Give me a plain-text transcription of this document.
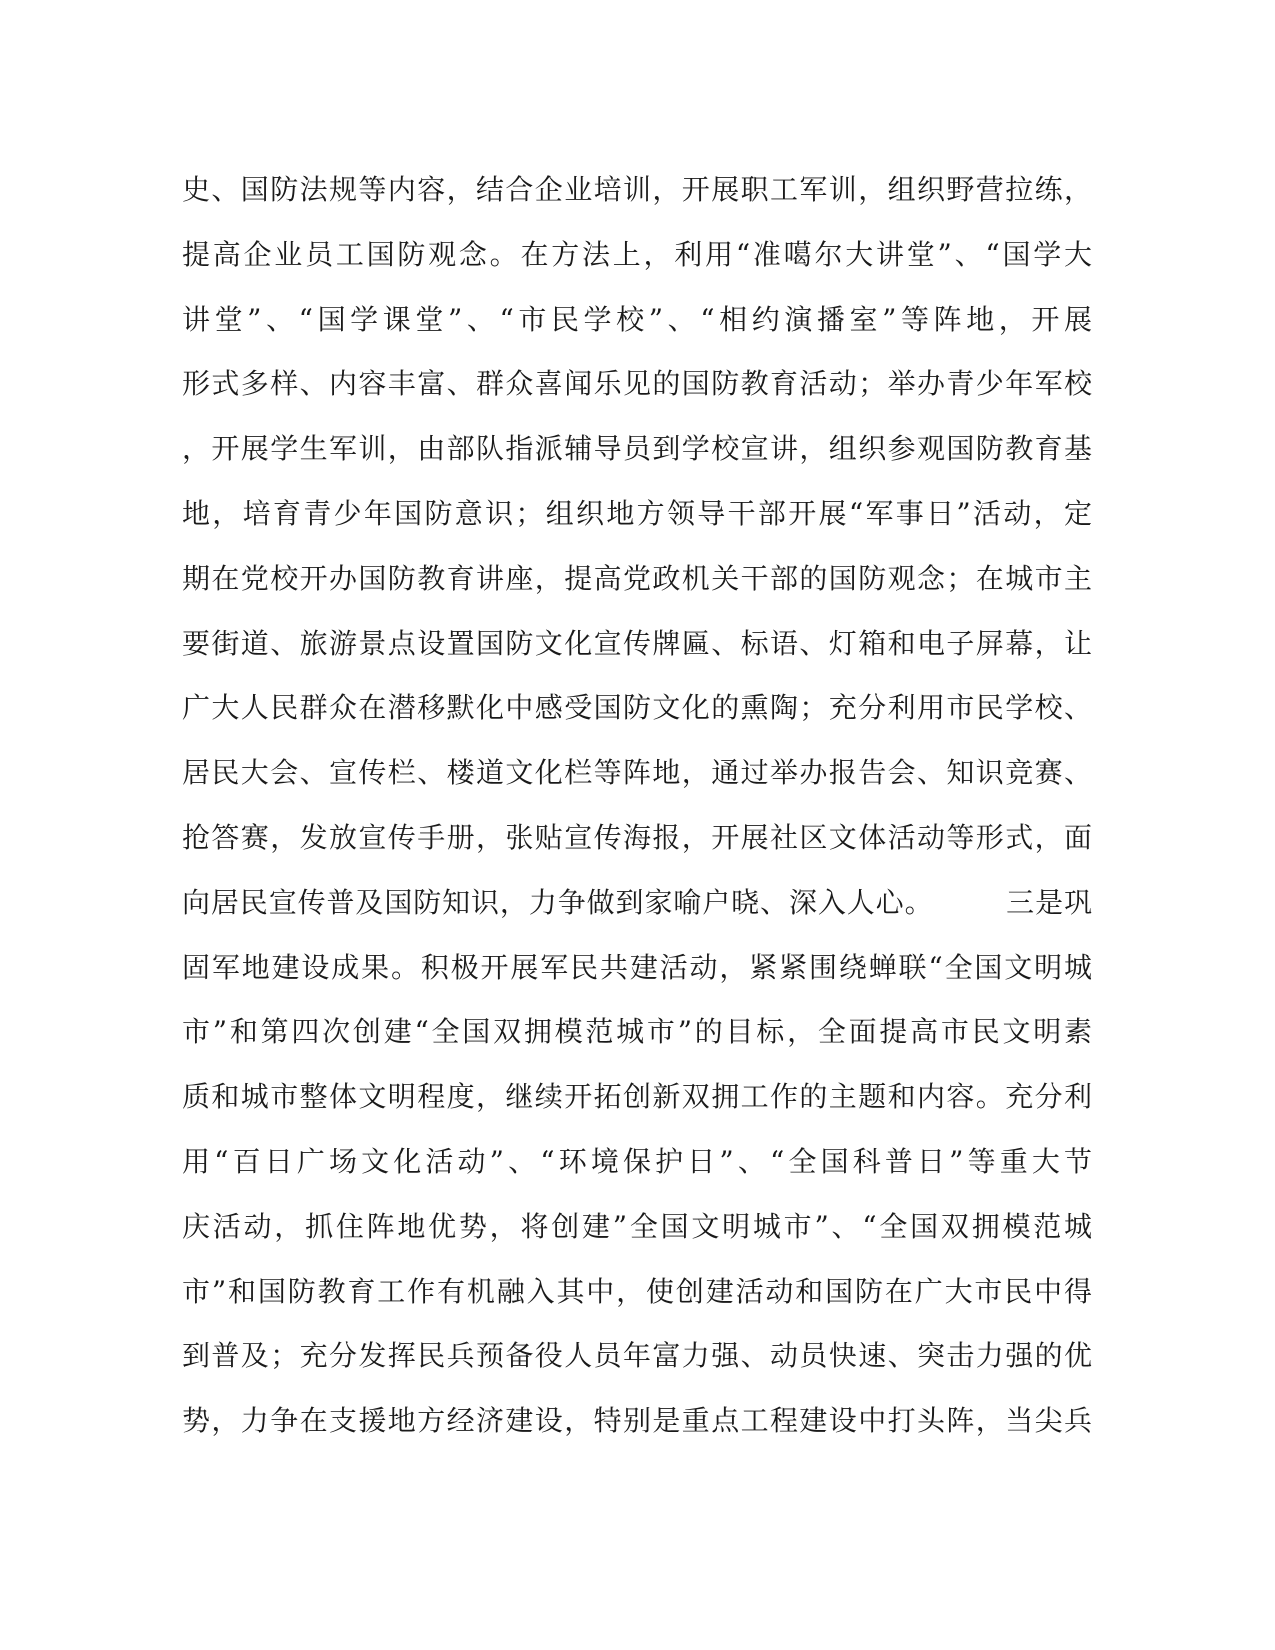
史、国防法规等内容，结合企业培训，开展职工军训，组织野营拉练，
提高企业员工国防观念。在方法上，利用“准噶尔大讲堂”、“国学大
讲堂”、“国学课堂”、“市民学校”、“相约演播室”等阵地，开展
形式多样、内容丰富、群众喜闻乐见的国防教育活动；举办青少年军校
，开展学生军训，由部队指派辅导员到学校宣讲，组织参观国防教育基
地，培育青少年国防意识；组织地方领导干部开展“军事日”活动，定
期在党校开办国防教育讲座，提高党政机关干部的国防观念；在城市主
要街道、旅游景点设置国防文化宣传牌匾、标语、灯箱和电子屏幕，让
广大人民群众在潜移默化中感受国防文化的熏陶；充分利用市民学校、
居民大会、宣传栏、楼道文化栏等阵地，通过举办报告会、知识竞赛、
抢答赛，发放宣传手册，张贴宣传海报，开展社区文体活动等形式，面
向居民宣传普及国防知识，力争做到家喻户晓、深入人心。　　　三是巩
固军地建设成果。积极开展军民共建活动，紧紧围绕蝉联“全国文明城
市”和第四次创建“全国双拥模范城市”的目标，全面提高市民文明素
质和城市整体文明程度，继续开拓创新双拥工作的主题和内容。充分利
用“百日广场文化活动”、“环境保护日”、“全国科普日”等重大节
庆活动，抓住阵地优势，将创建”全国文明城市”、“全国双拥模范城
市”和国防教育工作有机融入其中，使创建活动和国防在广大市民中得
到普及；充分发挥民兵预备役人员年富力强、动员快速、突击力强的优
势，力争在支援地方经济建设，特别是重点工程建设中打头阵，当尖兵
